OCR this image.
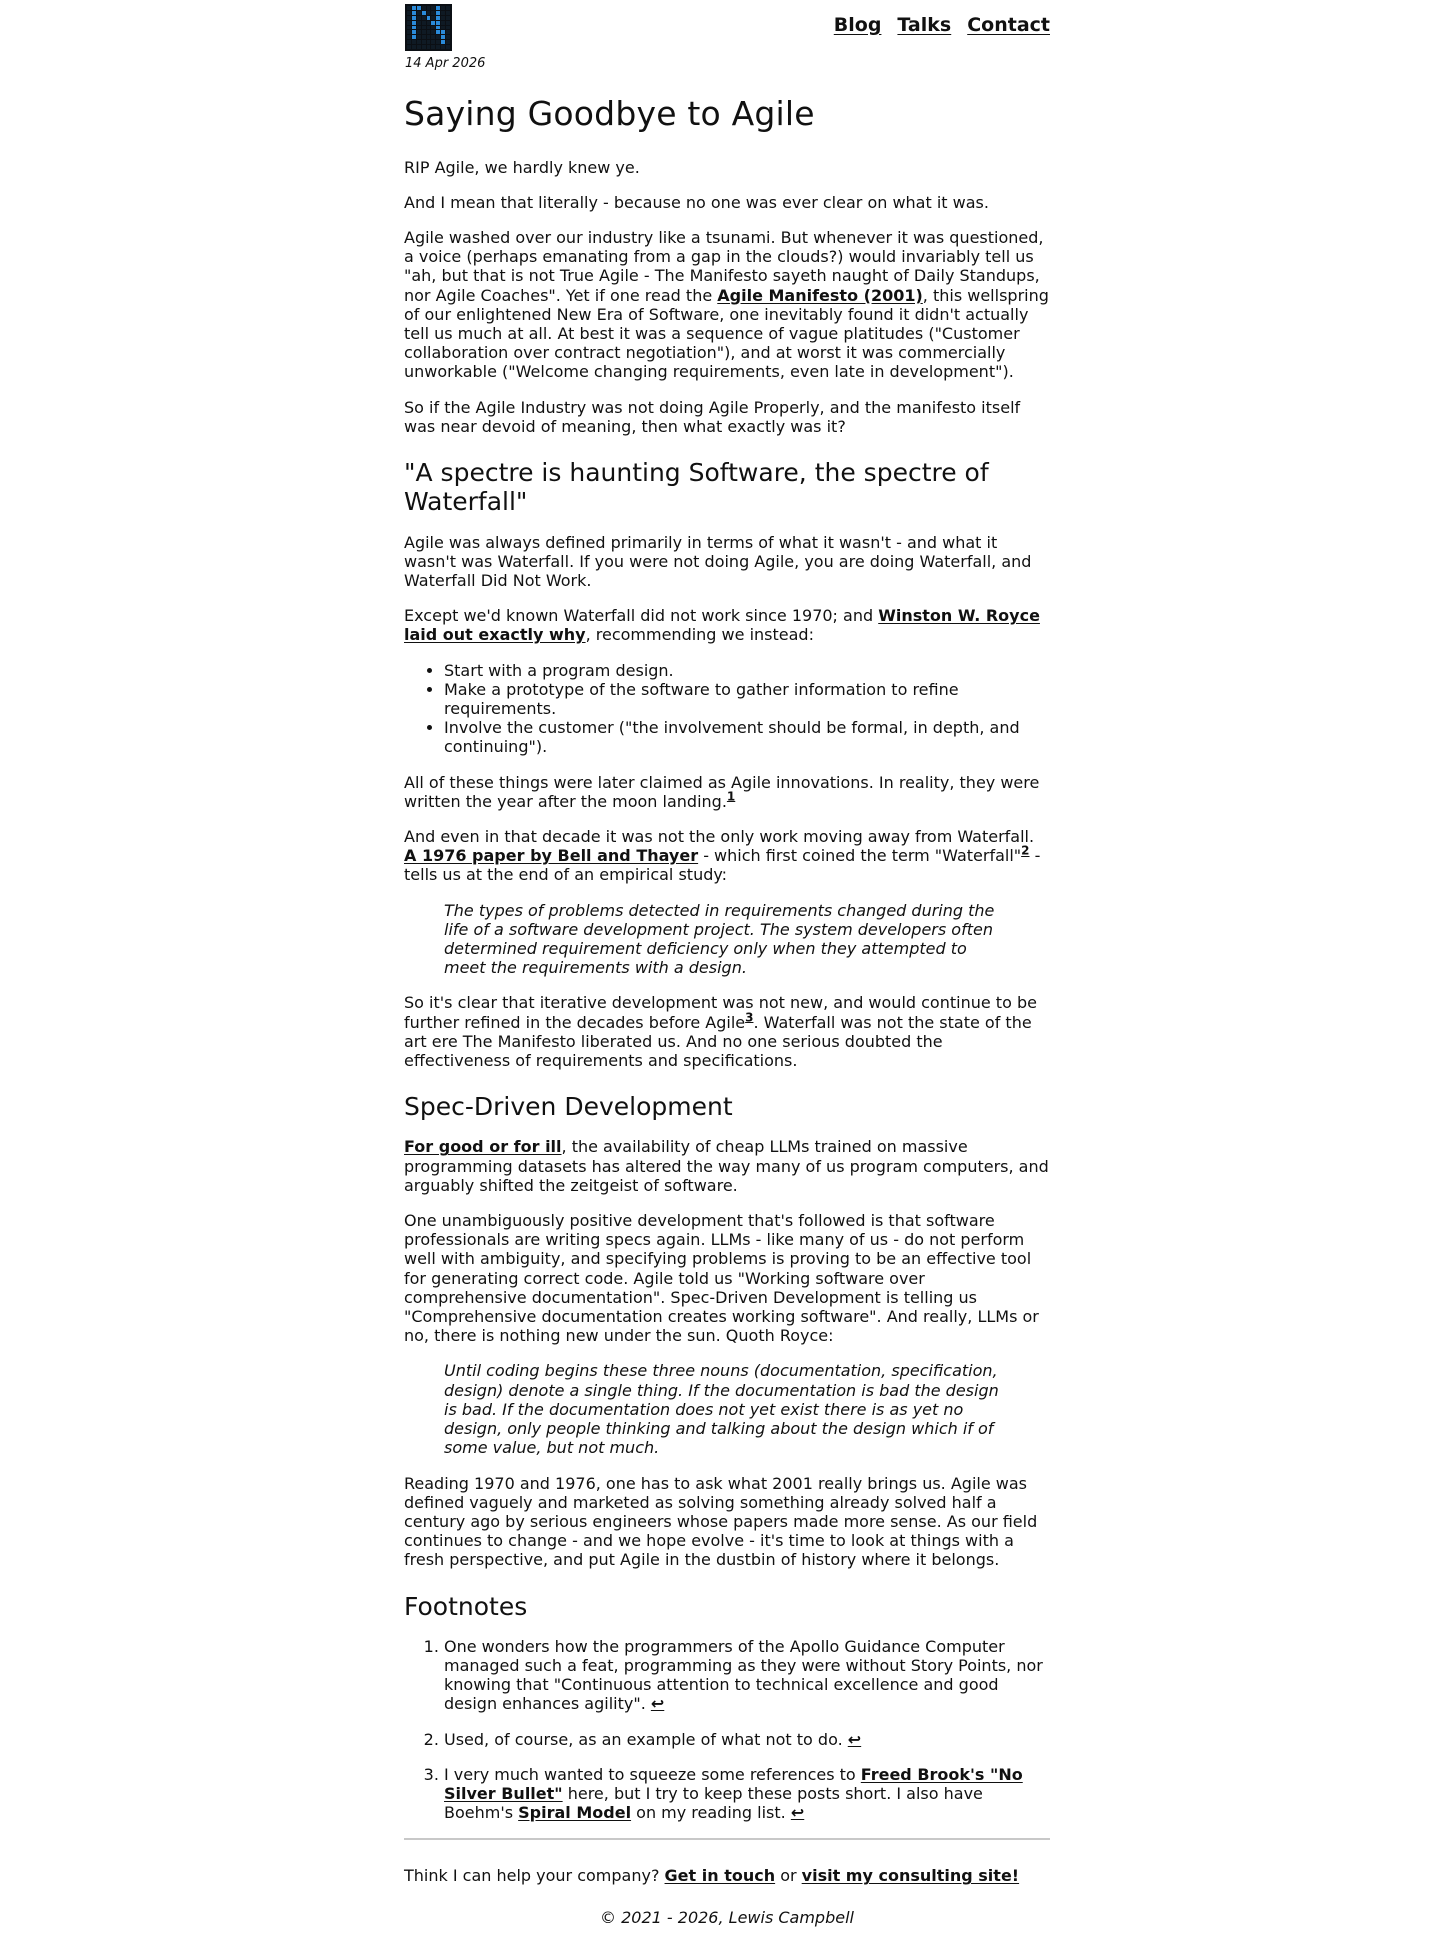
Blog Talks Contact
14 Apr 2026
Saying Goodbye to Agile

RIP Agile, we hardly knew ye.

And I mean that literally - because no one was ever clear on what it was.

Agile washed over our industry like a tsunami. But whenever it was questioned, a voice (perhaps emanating from a gap in the clouds?) would invariably tell us "ah, but that is not True Agile - The Manifesto sayeth naught of Daily Standups, nor Agile Coaches". Yet if one read the Agile Manifesto (2001), this wellspring of our enlightened New Era of Software, one inevitably found it didn't actually tell us much at all. At best it was a sequence of vague platitudes ("Customer collaboration over contract negotiation"), and at worst it was commercially unworkable ("Welcome changing requirements, even late in development").

So if the Agile Industry was not doing Agile Properly, and the manifesto itself was near devoid of meaning, then what exactly was it?

"A spectre is haunting Software, the spectre of Waterfall"

Agile was always defined primarily in terms of what it wasn't - and what it wasn't was Waterfall. If you were not doing Agile, you are doing Waterfall, and Waterfall Did Not Work.

Except we'd known Waterfall did not work since 1970; and Winston W. Royce laid out exactly why, recommending we instead:

• Start with a program design.
• Make a prototype of the software to gather information to refine requirements.
• Involve the customer ("the involvement should be formal, in depth, and continuing").

All of these things were later claimed as Agile innovations. In reality, they were written the year after the moon landing.$^1$

And even in that decade it was not the only work moving away from Waterfall. A 1976 paper by Bell and Thayer - which first coined the term "Waterfall"$^2$ - tells us at the end of an empirical study:

The types of problems detected in requirements changed during the life of a software development project. The system developers often determined requirement deficiency only when they attempted to meet the requirements with a design.

So it's clear that iterative development was not new, and would continue to be further refined in the decades before Agile$^3$. Waterfall was not the state of the art ere The Manifesto liberated us. And no one serious doubted the effectiveness of requirements and specifications.

Spec-Driven Development

For good or for ill, the availability of cheap LLMs trained on massive programming datasets has altered the way many of us program computers, and arguably shifted the zeitgeist of software.

One unambiguously positive development that's followed is that software professionals are writing specs again. LLMs - like many of us - do not perform well with ambiguity, and specifying problems is proving to be an effective tool for generating correct code. Agile told us "Working software over comprehensive documentation". Spec-Driven Development is telling us "Comprehensive documentation creates working software". And really, LLMs or no, there is nothing new under the sun. Quoth Royce:

Until coding begins these three nouns (documentation, specification, design) denote a single thing. If the documentation is bad the design is bad. If the documentation does not yet exist there is as yet no design, only people thinking and talking about the design which if of some value, but not much.

Reading 1970 and 1976, one has to ask what 2001 really brings us. Agile was defined vaguely and marketed as solving something already solved half a century ago by serious engineers whose papers made more sense. As our field continues to change - and we hope evolve - it's time to look at things with a fresh perspective, and put Agile in the dustbin of history where it belongs.

Footnotes
1. One wonders how the programmers of the Apollo Guidance Computer managed such a feat, programming as they were without Story Points, nor knowing that "Continuous attention to technical excellence and good design enhances agility". ↩
2. Used, of course, as an example of what not to do. ↩
3. I very much wanted to squeeze some references to Freed Brook's "No Silver Bullet" here, but I try to keep these posts short. I also have Boehm's Spiral Model on my reading list. ↩

Think I can help your company? Get in touch or visit my consulting site!

© 2021 - 2026, Lewis Campbell
